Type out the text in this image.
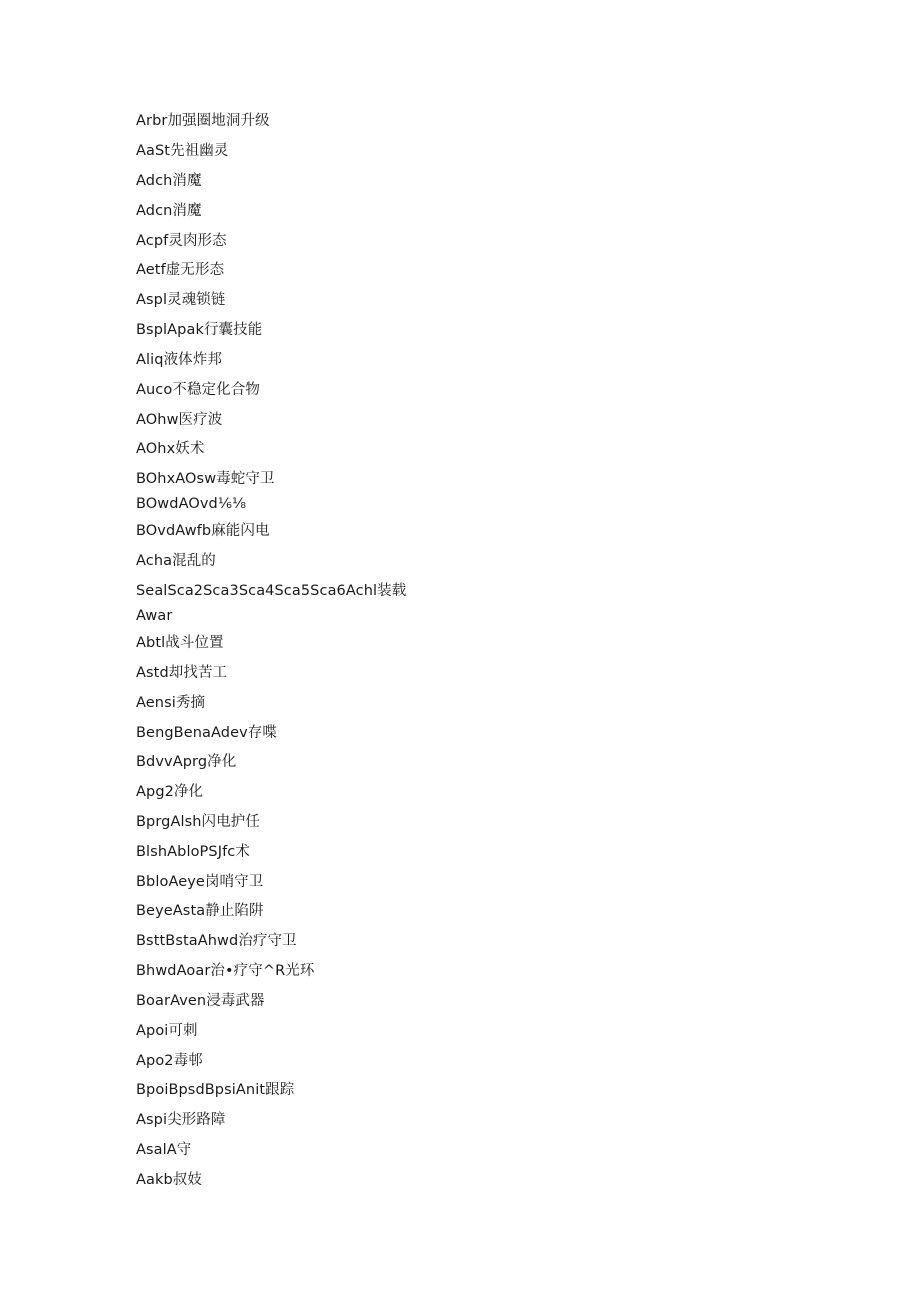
Arbr加强圈地洞升级
AaSt先祖幽灵
Adch消魔
Adcn消魔
Acpf灵肉形态
Aetf虚无形态
Aspl灵魂锁链
BsplApak行囊技能
Aliq液体炸邦
Auco不稳定化合物
AOhw医疗波
AOhx妖术
BOhxAOsw毒蛇守卫
BOwdAOvd⅙⅛
BOvdAwfb麻能闪电
Acha混乱的
SealSca2Sca3Sca4Sca5Sca6Achl装载
Awar
Abtl战斗位置
Astd却找苦工
Aensi秀摘
BengBenaAdev存喋
BdvvAprg净化
Apg2净化
BprgAlsh闪电护任
BlshAbloPSJfc术
BbloAeye岗哨守卫
BeyeAsta静止陷阱
BsttBstaAhwd治疗守卫
BhwdAoar治•疗守^R光环
BoarAven浸毒武器
Apoi可刺
Apo2毒邨
BpoiBpsdBpsiAnit跟踪
Aspi尖形路障
AsalA守
Aakb叔妓
